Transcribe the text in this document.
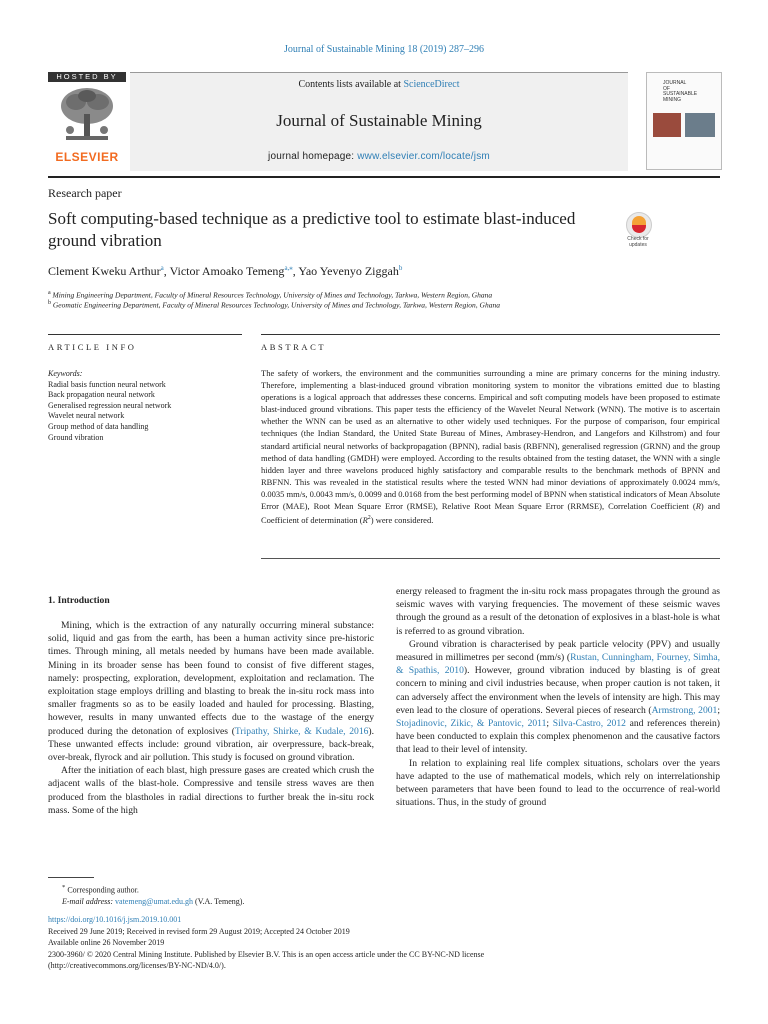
Journal of Sustainable Mining 18 (2019) 287–296
HOSTED BY
ELSEVIER
Contents lists available at ScienceDirect
Journal of Sustainable Mining
journal homepage: www.elsevier.com/locate/jsm
JOURNAL
OF
SUSTAINABLE
MINING
Research paper
Soft computing-based technique as a predictive tool to estimate blast-induced ground vibration	Check for
updates
Clement Kweku Arthur$^a$, Victor Amoako Temeng$^{a,⁎}$, Yao Yevenyo Ziggah$^b$
$^a$ Mining Engineering Department, Faculty of Mineral Resources Technology, University of Mines and Technology, Tarkwa, Western Region, Ghana
$^b$ Geomatic Engineering Department, Faculty of Mineral Resources Technology, University of Mines and Technology, Tarkwa, Western Region, Ghana
ARTICLE INFO	ABSTRACT
Keywords:
Radial basis function neural network
Back propagation neural network
Generalised regression neural network
Wavelet neural network
Group method of data handling
Ground vibration
The safety of workers, the environment and the communities surrounding a mine are primary concerns for the mining industry. Therefore, implementing a blast-induced ground vibration monitoring system to monitor the vibrations emitted due to blasting operations is a logical approach that addresses these concerns. Empirical and soft computing models have been proposed to estimate blast-induced ground vibrations. This paper tests the efficiency of the Wavelet Neural Network (WNN). The motive is to ascertain whether the WNN can be used as an alternative to other widely used techniques. For the purpose of comparison, four empirical techniques (the Indian Standard, the United State Bureau of Mines, Ambrasey-Hendron, and Langefors and Kilhstrom) and four standard artificial neural networks of backpropagation (BPNN), radial basis (RBFNN), generalised regression (GRNN) and the group method of data handling (GMDH) were employed. According to the results obtained from the testing dataset, the WNN with a single hidden layer and three wavelons produced highly satisfactory and comparable results to the benchmark methods of BPNN and RBFNN. This was revealed in the statistical results where the tested WNN had minor deviations of approximately 0.0024 mm/s, 0.0035 mm/s, 0.0043 mm/s, 0.0099 and 0.0168 from the best performing model of BPNN when statistical indicators of Mean Absolute Error (MAE), Root Mean Square Error (RMSE), Relative Root Mean Square Error (RRMSE), Correlation Coefficient (R) and Coefficient of determination $(R^2)$ were considered.
1. Introduction

Mining, which is the extraction of any naturally occurring mineral substance: solid, liquid and gas from the earth, has been a human activity since pre-historic times. Through mining, all metals needed by humans have been made available. Mining in its broader sense has been found to consist of five different stages, namely: prospecting, exploration, development, exploitation and reclamation. The exploitation stage employs drilling and blasting to break the in-situ rock mass into smaller fragments so as to be easily loaded and hauled for processing. Blasting, however, results in many unwanted effects due to the wastage of the energy produced during the detonation of explosives (Tripathy, Shirke, & Kudale, 2016). These unwanted effects include: ground vibration, air overpressure, back-break, over-break, flyrock and air pollution. This study is focused on ground vibration.

After the initiation of each blast, high pressure gases are created which crush the adjacent walls of the blast-hole. Compressive and tensile stress waves are then produced from the blastholes in radial directions to further break the in-situ rock mass. Some of the high

energy released to fragment the in-situ rock mass propagates through the ground as seismic waves with varying frequencies. The movement of these seismic waves through the ground as a result of the detonation of explosives in a blast-hole is what is referred to as ground vibration.

Ground vibration is characterised by peak particle velocity (PPV) and usually measured in millimetres per second (mm/s) (Rustan, Cunningham, Fourney, Simha, & Spathis, 2010). However, ground vibration induced by blasting is of great concern to mining and civil industries because, when proper caution is not taken, it can adversely affect the environment when the levels of intensity are high. This may even lead to the closure of operations. Several pieces of research (Armstrong, 2001; Stojadinovic, Zikic, & Pantovic, 2011; Silva-Castro, 2012 and references therein) have been conducted to explain this complex phenomenon and the causative factors that lead to their level of intensity.

In relation to explaining real life complex situations, scholars over the years have adapted to the use of mathematical models, which rely on interrelationship between parameters that have been found to lead to the occurrence of real-world situations. Thus, in the study of ground

* Corresponding author.
E-mail address: vatemeng@umat.edu.gh (V.A. Temeng).
https://doi.org/10.1016/j.jsm.2019.10.001
Received 29 June 2019; Received in revised form 29 August 2019; Accepted 24 October 2019
Available online 26 November 2019
2300-3960/ © 2020 Central Mining Institute. Published by Elsevier B.V. This is an open access article under the CC BY-NC-ND license
(http://creativecommons.org/licenses/BY-NC-ND/4.0/).
